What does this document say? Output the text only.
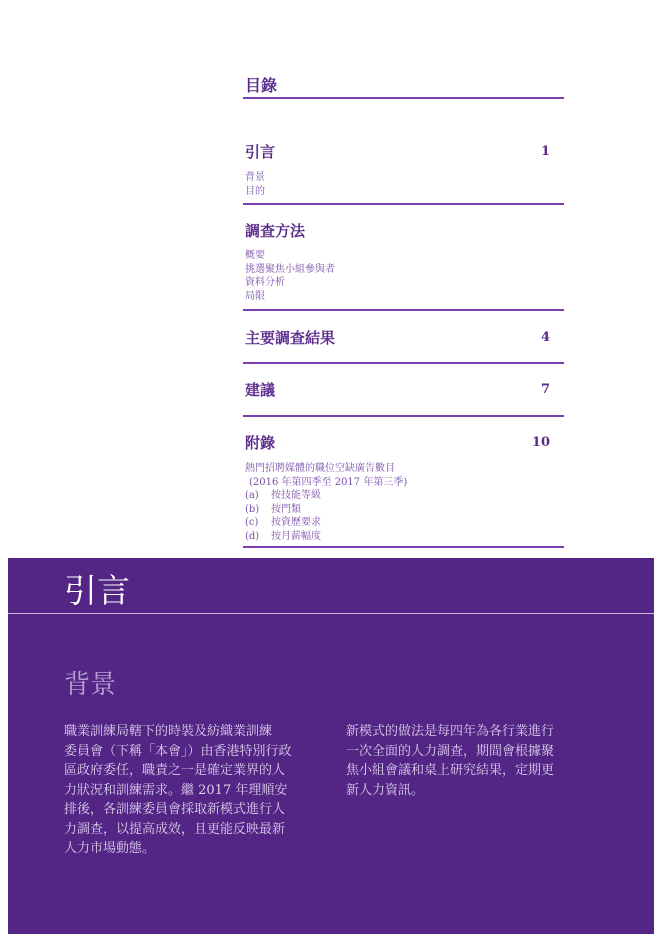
目錄
引言	1
背景
目的
調查方法
概要
挑選聚焦小組參與者
資料分析
局限
主要調查結果	4
建議	7
附錄	10
熱門招聘媒體的職位空缺廣告數目
(2016 年第四季至 2017 年第三季)
(a)	按技能等級
(b)	按門類
(c)	按資歷要求
(d)	按月薪幅度
引言
背景
職業訓練局轄下的時裝及紡織業訓練
委員會（下稱「本會」）由香港特別行政
區政府委任，職責之一是確定業界的人
力狀況和訓練需求。繼 2017 年理順安
排後，各訓練委員會採取新模式進行人
力調查，以提高成效，且更能反映最新
人力市場動態。
新模式的做法是每四年為各行業進行
一次全面的人力調查，期間會根據聚
焦小組會議和桌上研究結果，定期更
新人力資訊。
